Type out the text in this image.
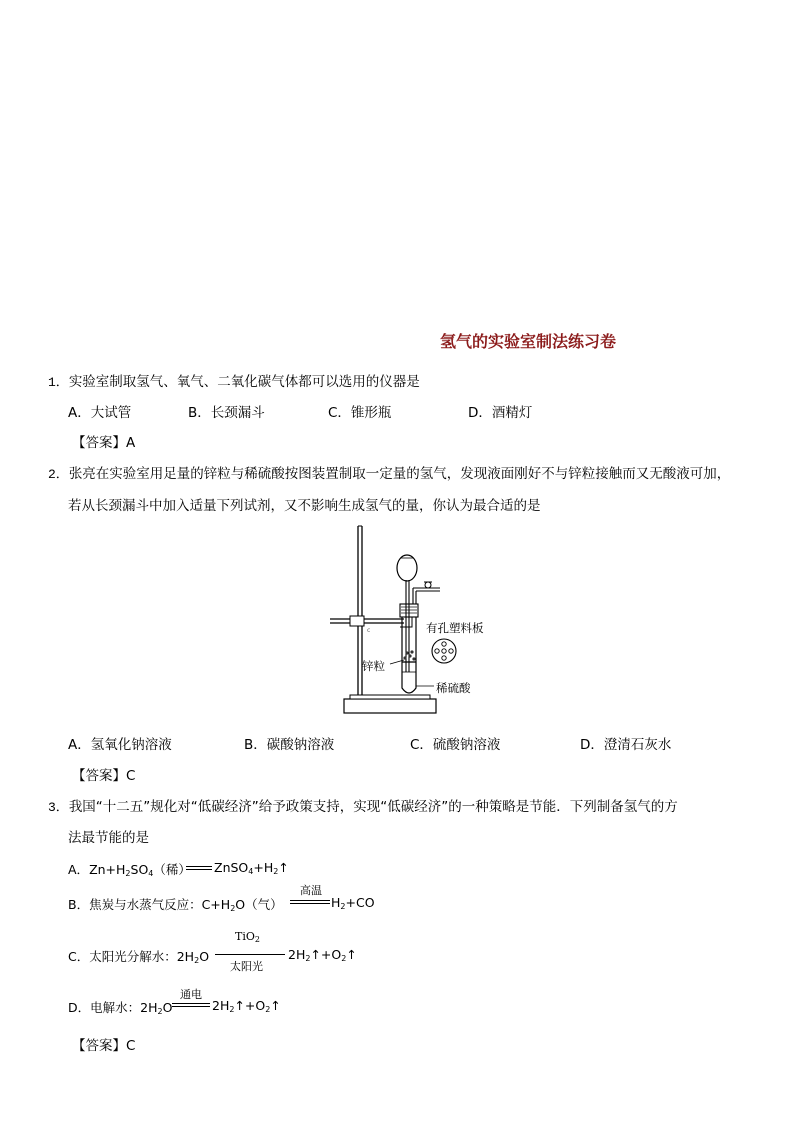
氢气的实验室制法练习卷
1．实验室制取氢气、氧气、二氧化碳气体都可以选用的仪器是
A．大试管	B．长颈漏斗	C．锥形瓶	D．酒精灯
【答案】A
2．张亮在实验室用足量的锌粒与稀硫酸按图装置制取一定量的氢气，发现液面刚好不与锌粒接触而又无酸液可加，
若从长颈漏斗中加入适量下列试剂，又不影响生成氢气的量，你认为最合适的是
c	有孔塑料板
锌粒
稀硫酸
A．氢氧化钠溶液	B．碳酸钠溶液	C．硫酸钠溶液	D．澄清石灰水
【答案】C
3．我国“十二五”规化对“低碳经济”给予政策支持，实现“低碳经济”的一种策略是节能．下列制备氢气的方
法最节能的是
A．$Zn+H_2SO_4$（稀） $ZnSO_4+H_2↑$
B．焦炭与水蒸气反应：$C+H_2O$（气）
高温
$H_2+CO$
C．太阳光分解水：$2H_2O$
TiO$_2$
太阳光
$2H_2↑+O_2↑$
D．电解水：$2H_2O$
通电
$2H_2↑+O_2↑$
【答案】C
